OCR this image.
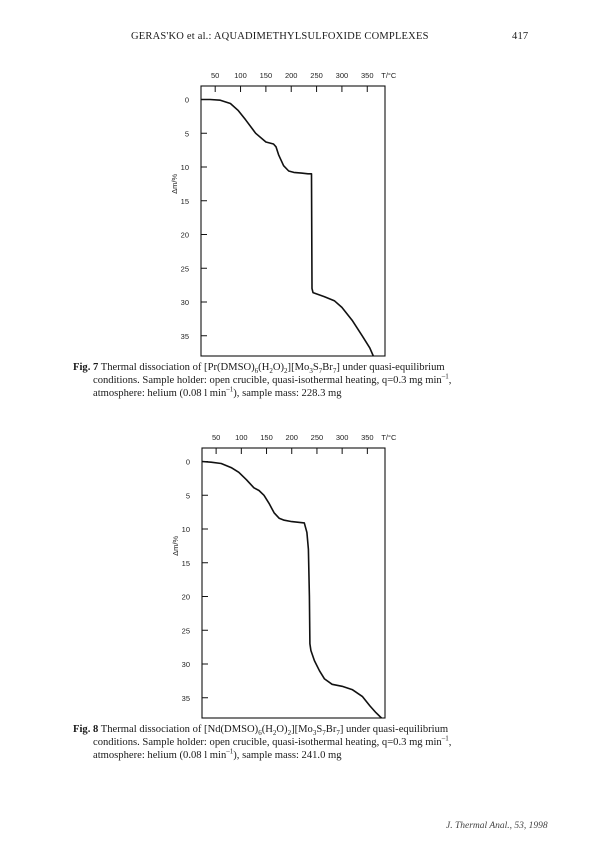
GERAS'KO et al.: AQUADIMETHYLSULFOXIDE COMPLEXES	417
50 100 150 200 250 300 350 T/°C
0
5
10
15
20
25
30
35
Δm/%
Fig. 7 Thermal dissociation of $[Pr(DMSO)_6(H_2O)_2][Mo_3S_7Br_7]$ under quasi-equilibrium
conditions. Sample holder: open crucible, quasi-isothermal heating, q=0.3 mg $\min^{-1}$,
atmosphere: helium (0.08 l $\min^{-1}$), sample mass: 228.3 mg
50 100 150 200 250 300 350 T/°C
0
5
10
15
20
25
30
35
Δm/%
Fig. 8 Thermal dissociation of $[Nd(DMSO)_6(H_2O)_2][Mo_3S_7Br_7]$ under quasi-equilibrium
conditions. Sample holder: open crucible, quasi-isothermal heating, q=0.3 mg $\min^{-1}$,
atmosphere: helium (0.08 l $\min^{-1}$), sample mass: 241.0 mg
J. Thermal Anal., 53, 1998
